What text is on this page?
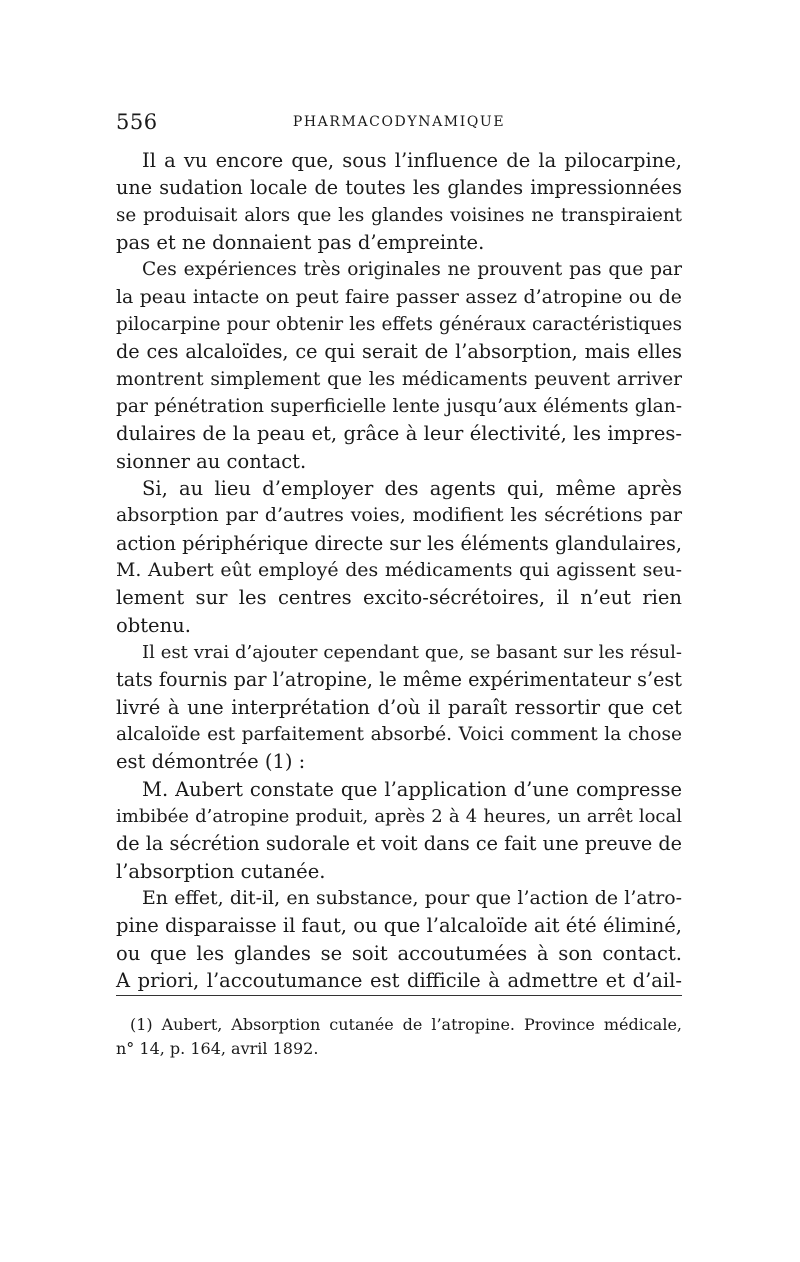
556	PHARMACODYNAMIQUE
Il a vu encore que, sous l’influence de la pilocarpine,
une sudation locale de toutes les glandes impressionnées
se produisait alors que les glandes voisines ne transpiraient
pas et ne donnaient pas d’empreinte.
Ces expériences très originales ne prouvent pas que par
la peau intacte on peut faire passer assez d’atropine ou de
pilocarpine pour obtenir les effets généraux caractéristiques
de ces alcaloïdes, ce qui serait de l’absorption, mais elles
montrent simplement que les médicaments peuvent arriver
par pénétration superficielle lente jusqu’aux éléments glan-
dulaires de la peau et, grâce à leur électivité, les impres-
sionner au contact.
Si, au lieu d’employer des agents qui, même après
absorption par d’autres voies, modifient les sécrétions par
action périphérique directe sur les éléments glandulaires,
M. Aubert eût employé des médicaments qui agissent seu-
lement sur les centres excito-sécrétoires, il n’eut rien
obtenu.
Il est vrai d’ajouter cependant que, se basant sur les résul-
tats fournis par l’atropine, le même expérimentateur s’est
livré à une interprétation d’où il paraît ressortir que cet
alcaloïde est parfaitement absorbé. Voici comment la chose
est démontrée (1) :
M. Aubert constate que l’application d’une compresse
imbibée d’atropine produit, après 2 à 4 heures, un arrêt local
de la sécrétion sudorale et voit dans ce fait une preuve de
l’absorption cutanée.
En effet, dit-il, en substance, pour que l’action de l’atro-
pine disparaisse il faut, ou que l’alcaloïde ait été éliminé,
ou que les glandes se soit accoutumées à son contact.
A priori, l’accoutumance est difficile à admettre et d’ail-
(1) Aubert, Absorption cutanée de l’atropine. Province médicale,
n° 14, p. 164, avril 1892.
